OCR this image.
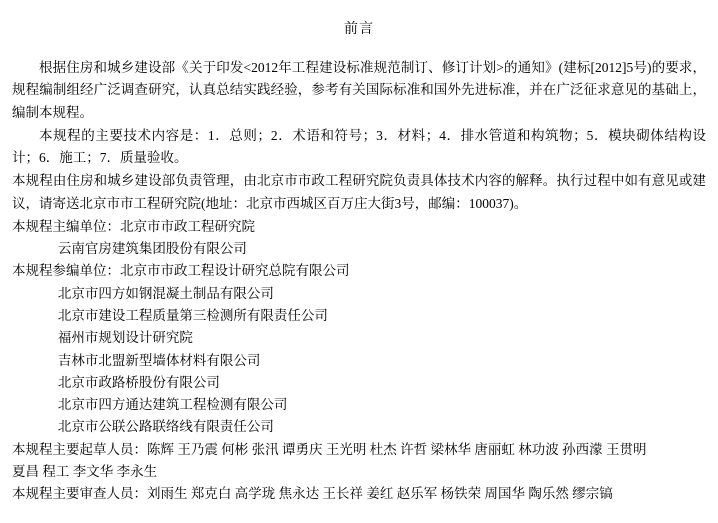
前言

根据住房和城乡建设部《关于印发<2012年工程建设标准规范制订、修订计划>的通知》(建标[2012]5号)的要求，规程编制组经广泛调查研究，认真总结实践经验，参考有关国际标准和国外先进标准，并在广泛征求意见的基础上，编制本规程。

本规程的主要技术内容是：1．总则；2．术语和符号；3．材料；4．排水管道和构筑物；5．模块砌体结构设计；6．施工；7．质量验收。

本规程由住房和城乡建设部负责管理，由北京市市政工程研究院负责具体技术内容的解释。执行过程中如有意见或建议，请寄送北京市市工程研究院(地址：北京市西城区百万庄大街3号，邮编：100037)。

本规程主编单位：北京市市政工程研究院

云南官房建筑集团股份有限公司

本规程参编单位：北京市市政工程设计研究总院有限公司

北京市四方如钢混凝土制品有限公司

北京市建设工程质量第三检测所有限责任公司

福州市规划设计研究院

吉林市北盟新型墙体材料有限公司

北京市政路桥股份有限公司

北京市四方通达建筑工程检测有限公司

北京市公联公路联络线有限责任公司

本规程主要起草人员：陈辉 王乃震 何彬 张汛 谭勇庆 王光明 杜杰 许哲 梁林华 唐丽虹 林功波 孙西濛 王贯明

夏昌 程工 李文华 李永生

本规程主要审查人员：刘雨生 郑克白 高学珑 焦永达 王长祥 姜红 赵乐军 杨铁荣 周国华 陶乐然 缪宗镐
